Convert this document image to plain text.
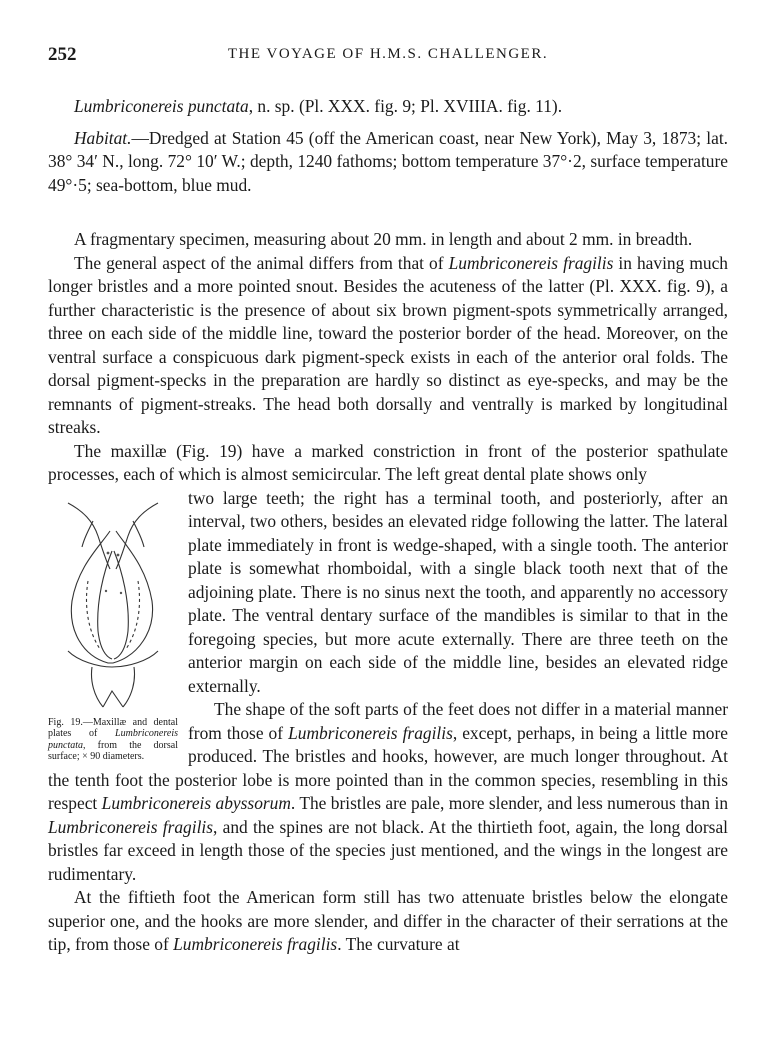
252	THE VOYAGE OF H.M.S. CHALLENGER.

Lumbriconereis punctata, n. sp. (Pl. XXX. fig. 9; Pl. XVIIIA. fig. 11).

Habitat.—Dredged at Station 45 (off the American coast, near New York), May 3, 1873; lat. 38° 34′ N., long. 72° 10′ W.; depth, 1240 fathoms; bottom temperature 37°·2, surface temperature 49°·5; sea-bottom, blue mud.

A fragmentary specimen, measuring about 20 mm. in length and about 2 mm. in breadth.

The general aspect of the animal differs from that of Lumbriconereis fragilis in having much longer bristles and a more pointed snout. Besides the acuteness of the latter (Pl. XXX. fig. 9), a further characteristic is the presence of about six brown pigment-spots symmetrically arranged, three on each side of the middle line, toward the posterior border of the head. Moreover, on the ventral surface a conspicuous dark pigment-speck exists in each of the anterior oral folds. The dorsal pigment-specks in the preparation are hardly so distinct as eye-specks, and may be the remnants of pigment-streaks. The head both dorsally and ventrally is marked by longitudinal streaks.

The maxillæ (Fig. 19) have a marked constriction in front of the posterior spathulate processes, each of which is almost semicircular. The left great dental plate shows only

Fig. 19.—Maxillæ and dental plates of Lumbriconereis punctata, from the dorsal surface; × 90 diameters.

two large teeth; the right has a terminal tooth, and posteriorly, after an interval, two others, besides an elevated ridge following the latter. The lateral plate immediately in front is wedge-shaped, with a single tooth. The anterior plate is somewhat rhomboidal, with a single black tooth next that of the adjoining plate. There is no sinus next the tooth, and apparently no accessory plate. The ventral dentary surface of the mandibles is similar to that in the foregoing species, but more acute externally. There are three teeth on the anterior margin on each side of the middle line, besides an elevated ridge externally.

The shape of the soft parts of the feet does not differ in a material manner from those of Lumbriconereis fragilis, except, perhaps, in being a little more produced. The bristles and hooks, however, are much longer throughout. At the tenth foot the posterior lobe is more pointed than in the common species, resembling in this respect Lumbriconereis abyssorum. The bristles are pale, more slender, and less numerous than in Lumbriconereis fragilis, and the spines are not black. At the thirtieth foot, again, the long dorsal bristles far exceed in length those of the species just mentioned, and the wings in the longest are rudimentary.

At the fiftieth foot the American form still has two attenuate bristles below the elongate superior one, and the hooks are more slender, and differ in the character of their serrations at the tip, from those of Lumbriconereis fragilis. The curvature at
